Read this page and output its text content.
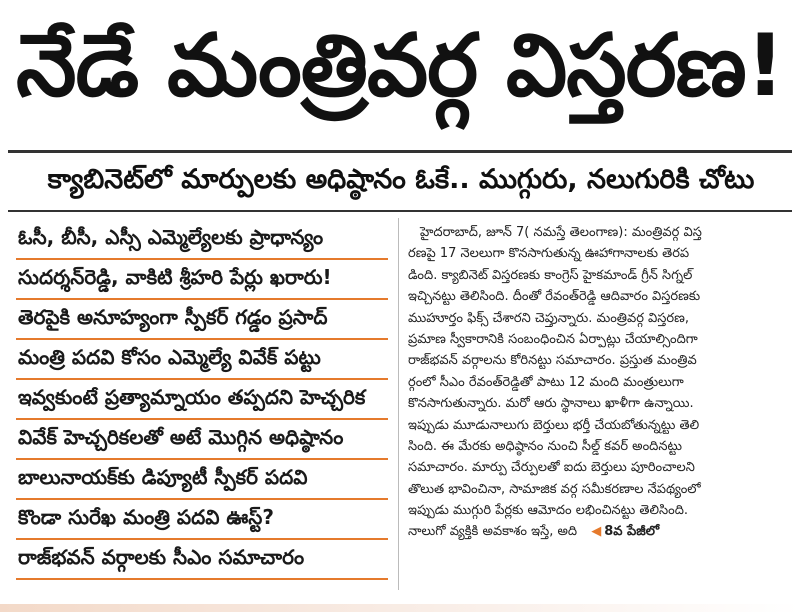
నేడే మంత్రివర్గ విస్తరణ!
క్యాబినెట్‌లో మార్పులకు అధిష్ఠానం ఓకే.. ముగ్గురు, నలుగురికి చోటు
ఓసీ, బీసీ, ఎస్సీ ఎమ్మెల్యేలకు ప్రాధాన్యం
సుదర్శన్‌రెడ్డి, వాకిటి శ్రీహరి పేర్లు ఖరారు!
తెరపైకి అనూహ్యంగా స్పీకర్ గడ్డం ప్రసాద్
మంత్రి పదవి కోసం ఎమ్మెల్యే వివేక్ పట్టు
ఇవ్వకుంటే ప్రత్యామ్నాయం తప్పదని హెచ్చరిక
వివేక్ హెచ్చరికలతో అటే మొగ్గిన అధిష్ఠానం
బాలునాయక్‌కు డిప్యూటీ స్పీకర్ పదవి
కొండా సురేఖ మంత్రి పదవి ఊస్ట్?
రాజ్‌భవన్ వర్గాలకు సీఎం సమాచారం
హైదరాబాద్, జూన్ 7( నమస్తే తెలంగాణ): మంత్రివర్గ విస్త
రణపై 17 నెలలుగా కొనసాగుతున్న ఊహాగానాలకు తెరప
డింది. క్యాబినెట్ విస్తరణకు కాంగ్రెస్ హైకమాండ్ గ్రీన్ సిగ్నల్
ఇచ్చినట్టు తెలిసింది. దీంతో రేవంత్‌రెడ్డి ఆదివారం విస్తరణకు
ముహూర్తం ఫిక్స్ చేశారని చెప్తున్నారు. మంత్రివర్గ విస్తరణ,
ప్రమాణ స్వీకారానికి సంబంధించిన ఏర్పాట్లు చేయాల్సిందిగా
రాజ్‌భవన్ వర్గాలను కోరినట్టు సమాచారం. ప్రస్తుత మంత్రివ
ర్గంలో సీఎం రేవంత్‌రెడ్డితో పాటు 12 మంది మంత్రులుగా
కొనసాగుతున్నారు. మరో ఆరు స్థానాలు ఖాళీగా ఉన్నాయి.
ఇప్పుడు మూడునాలుగు బెర్తులు భర్తీ చేయబోతున్నట్టు తెలి
సింది. ఈ మేరకు అధిష్ఠానం నుంచి సీల్డ్ కవర్ అందినట్టు
సమాచారం. మార్పు చేర్పులతో ఐదు బెర్తులు పూరించాలని
తొలుత భావించినా, సామాజిక వర్గ సమీకరణాల నేపథ్యంలో
ఇప్పుడు ముగ్గురి పేర్లకు ఆమోదం లభించినట్టు తెలిసింది.
నాలుగో వ్యక్తికి అవకాశం ఇస్తే, అది ◀ 8వ పేజీలో
